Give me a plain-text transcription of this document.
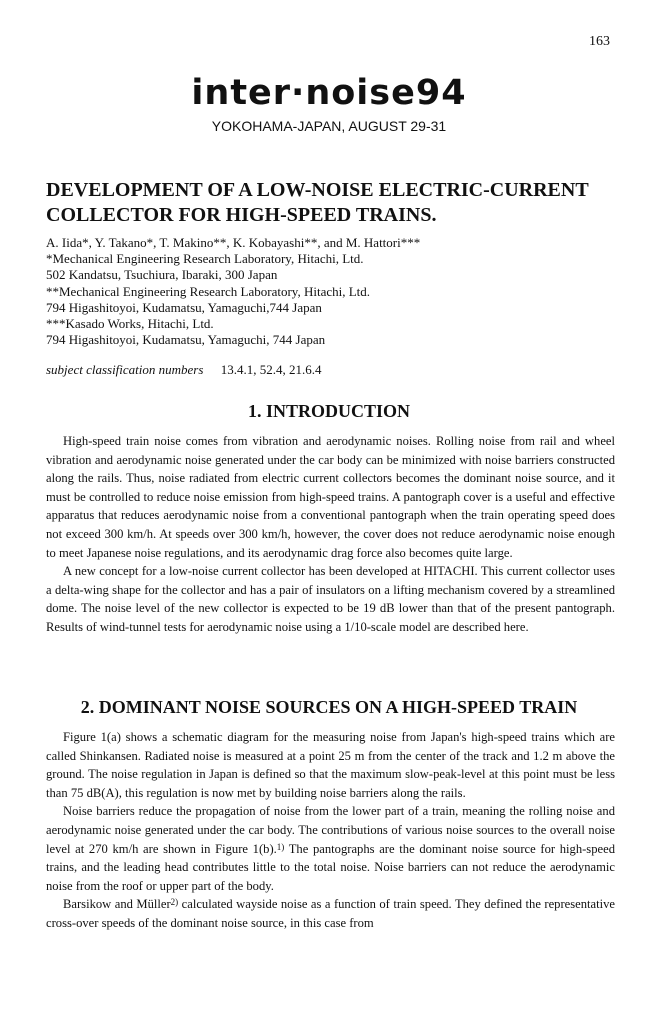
163
inter·noise94
YOKOHAMA-JAPAN, AUGUST 29-31
DEVELOPMENT OF A LOW-NOISE ELECTRIC-CURRENT
COLLECTOR FOR HIGH-SPEED TRAINS.
A. Iida*, Y. Takano*, T. Makino**, K. Kobayashi**, and M. Hattori***
*Mechanical Engineering Research Laboratory, Hitachi, Ltd.
502 Kandatsu, Tsuchiura, Ibaraki, 300 Japan
**Mechanical Engineering Research Laboratory, Hitachi, Ltd.
794 Higashitoyoi, Kudamatsu, Yamaguchi,744 Japan
***Kasado Works, Hitachi, Ltd.
794 Higashitoyoi, Kudamatsu, Yamaguchi, 744 Japan
subject classification numbers 13.4.1, 52.4, 21.6.4
1. INTRODUCTION

High-speed train noise comes from vibration and aerodynamic noises. Rolling noise from rail and wheel vibration and aerodynamic noise generated under the car body can be minimized with noise barriers constructed along the rails. Thus, noise radiated from electric current collectors becomes the dominant noise source, and it must be controlled to reduce noise emission from high-speed trains. A pantograph cover is a useful and effective apparatus that reduces aerodynamic noise from a conventional pantograph when the train operating speed does not exceed 300 km/h. At speeds over 300 km/h, however, the cover does not reduce aerodynamic noise enough to meet Japanese noise regulations, and its aerodynamic drag force also becomes quite large.

A new concept for a low-noise current collector has been developed at HITACHI. This current collector uses a delta-wing shape for the collector and has a pair of insulators on a lifting mechanism covered by a streamlined dome. The noise level of the new collector is expected to be 19 dB lower than that of the present pantograph. Results of wind-tunnel tests for aerodynamic noise using a 1/10-scale model are described here.

2. DOMINANT NOISE SOURCES ON A HIGH-SPEED TRAIN

Figure 1(a) shows a schematic diagram for the measuring noise from Japan's high-speed trains which are called Shinkansen. Radiated noise is measured at a point 25 m from the center of the track and 1.2 m above the ground. The noise regulation in Japan is defined so that the maximum slow-peak-level at this point must be less than 75 dB(A), this regulation is now met by building noise barriers along the rails.

Noise barriers reduce the propagation of noise from the lower part of a train, meaning the rolling noise and aerodynamic noise generated under the car body. The contributions of various noise sources to the overall noise level at 270 km/h are shown in Figure 1(b).$^{1)}$ The pantographs are the dominant noise source for high-speed trains, and the leading head contributes little to the total noise. Noise barriers can not reduce the aerodynamic noise from the roof or upper part of the body.

Barsikow and Müller$^{2)}$ calculated wayside noise as a function of train speed. They defined the representative cross-over speeds of the dominant noise source, in this case from
